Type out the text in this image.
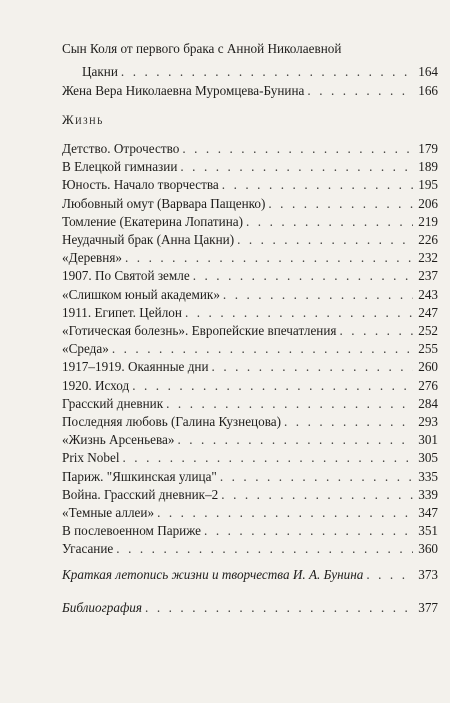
Сын Коля от первого брака с Анной Николаевной
Цакни . . .	164
Жена Вера Николаевна Муромцева-Бунина . . .	166
Жизнь
Детство. Отрочество . . .	179
В Елецкой гимназии . . .	189
Юность. Начало творчества . . .	195
Любовный омут (Варвара Пащенко) . . .	206
Томление (Екатерина Лопатина) . . .	219
Неудачный брак (Анна Цакни) . . .	226
«Деревня» . . .	232
1907. По Святой земле . . .	237
«Слишком юный академик» . . .	243
1911. Египет. Цейлон . . .	247
«Готическая болезнь». Европейские впечатления . . .	252
«Среда» . . .	255
1917–1919. Окаянные дни . . .	260
1920. Исход . . .	276
Грасский дневник . . .	284
Последняя любовь (Галина Кузнецова) . . .	293
«Жизнь Арсеньева» . . .	301
Prix Nobel . . .	305
Париж. "Яшкинская улица" . . .	335
Война. Грасский дневник–2 . . .	339
«Темные аллеи» . . .	347
В послевоенном Париже . . .	351
Угасание . . .	360
Краткая летопись жизни и творчества И. А. Бунина . . .	373
Библиография . . .	377
